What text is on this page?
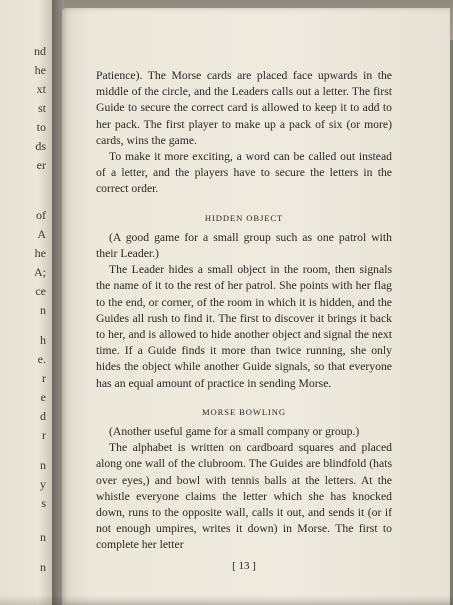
nd
he
xt
st
to
ds
er
of
A
he
A;
ce
n
h
e.
r
e
d
r
n
y
s
n
n

Patience). The Morse cards are placed face upwards in the middle of the circle, and the Leaders calls out a letter. The first Guide to secure the correct card is allowed to keep it to add to her pack. The first player to make up a pack of six (or more) cards, wins the game.

To make it more exciting, a word can be called out instead of a letter, and the players have to secure the letters in the correct order.

HIDDEN OBJECT

(A good game for a small group such as one patrol with their Leader.)

The Leader hides a small object in the room, then signals the name of it to the rest of her patrol. She points with her flag to the end, or corner, of the room in which it is hidden, and the Guides all rush to find it. The first to discover it brings it back to her, and is allowed to hide another object and signal the next time. If a Guide finds it more than twice running, she only hides the object while another Guide signals, so that everyone has an equal amount of practice in sending Morse.

MORSE BOWLING

(Another useful game for a small company or group.)

The alphabet is written on cardboard squares and placed along one wall of the clubroom. The Guides are blindfold (hats over eyes,) and bowl with tennis balls at the letters. At the whistle everyone claims the letter which she has knocked down, runs to the opposite wall, calls it out, and sends it (or if not enough umpires, writes it down) in Morse. The first to complete her letter

[ 13 ]
